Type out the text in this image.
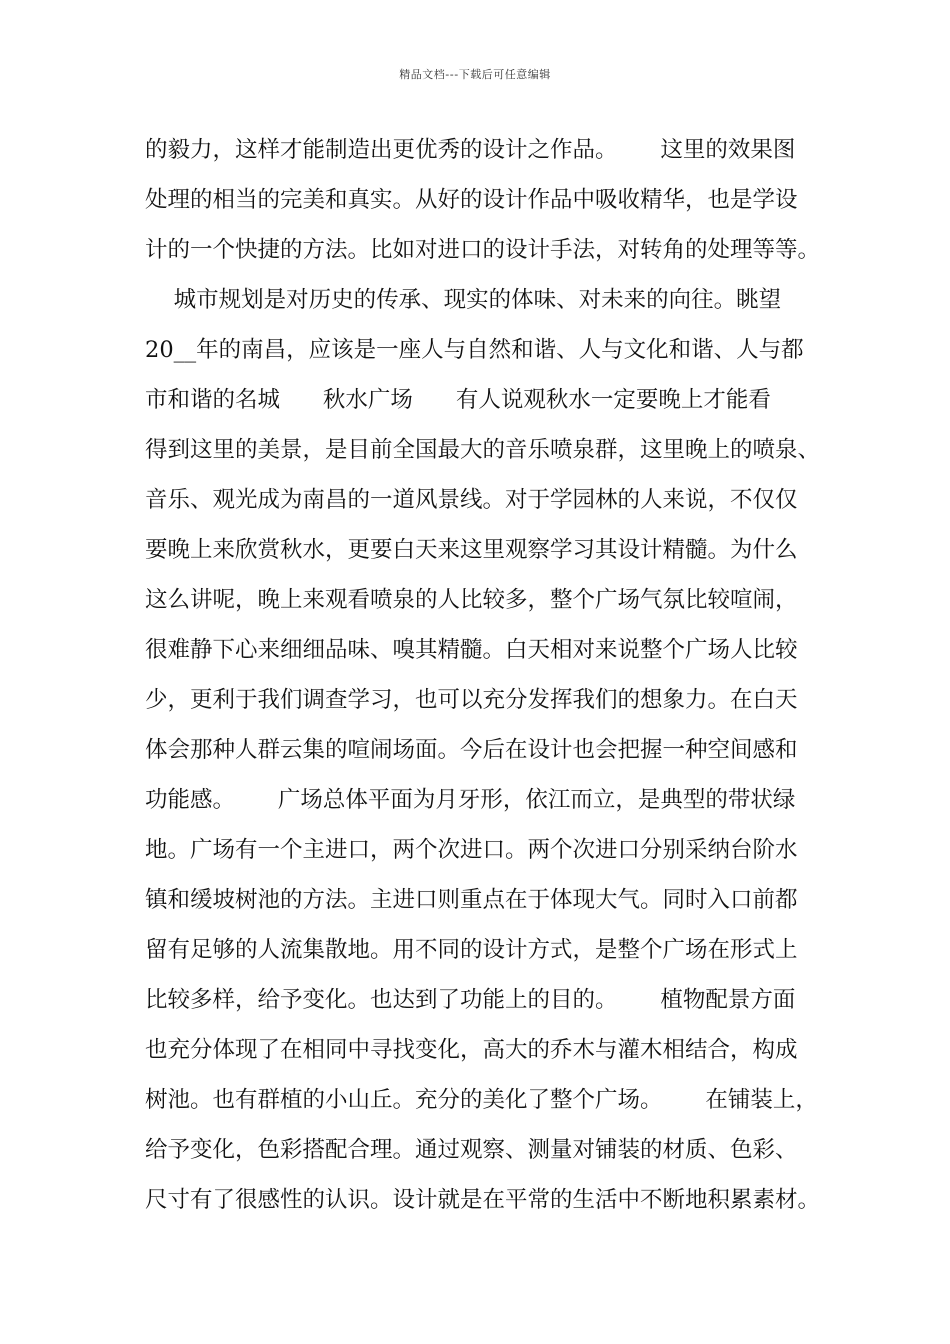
精品文档---下载后可任意编辑
的毅力，这样才能制造出更优秀的设计之作品。      这里的效果图
处理的相当的完美和真实。从好的设计作品中吸收精华，也是学设
计的一个快捷的方法。比如对进口的设计手法，对转角的处理等等。
城市规划是对历史的传承、现实的体味、对未来的向往。眺望
20__年的南昌，应该是一座人与自然和谐、人与文化和谐、人与都
市和谐的名城      秋水广场      有人说观秋水一定要晚上才能看
得到这里的美景，是目前全国最大的音乐喷泉群，这里晚上的喷泉、
音乐、观光成为南昌的一道风景线。对于学园林的人来说，不仅仅
要晚上来欣赏秋水，更要白天来这里观察学习其设计精髓。为什么
这么讲呢，晚上来观看喷泉的人比较多，整个广场气氛比较喧闹，
很难静下心来细细品味、嗅其精髓。白天相对来说整个广场人比较
少，更利于我们调查学习，也可以充分发挥我们的想象力。在白天
体会那种人群云集的喧闹场面。今后在设计也会把握一种空间感和
功能感。      广场总体平面为月牙形，依江而立，是典型的带状绿
地。广场有一个主进口，两个次进口。两个次进口分别采纳台阶水
镇和缓坡树池的方法。主进口则重点在于体现大气。同时入口前都
留有足够的人流集散地。用不同的设计方式，是整个广场在形式上
比较多样，给予变化。也达到了功能上的目的。      植物配景方面
也充分体现了在相同中寻找变化，高大的乔木与灌木相结合，构成
树池。也有群植的小山丘。充分的美化了整个广场。      在铺装上，
给予变化，色彩搭配合理。通过观察、测量对铺装的材质、色彩、
尺寸有了很感性的认识。设计就是在平常的生活中不断地积累素材。
